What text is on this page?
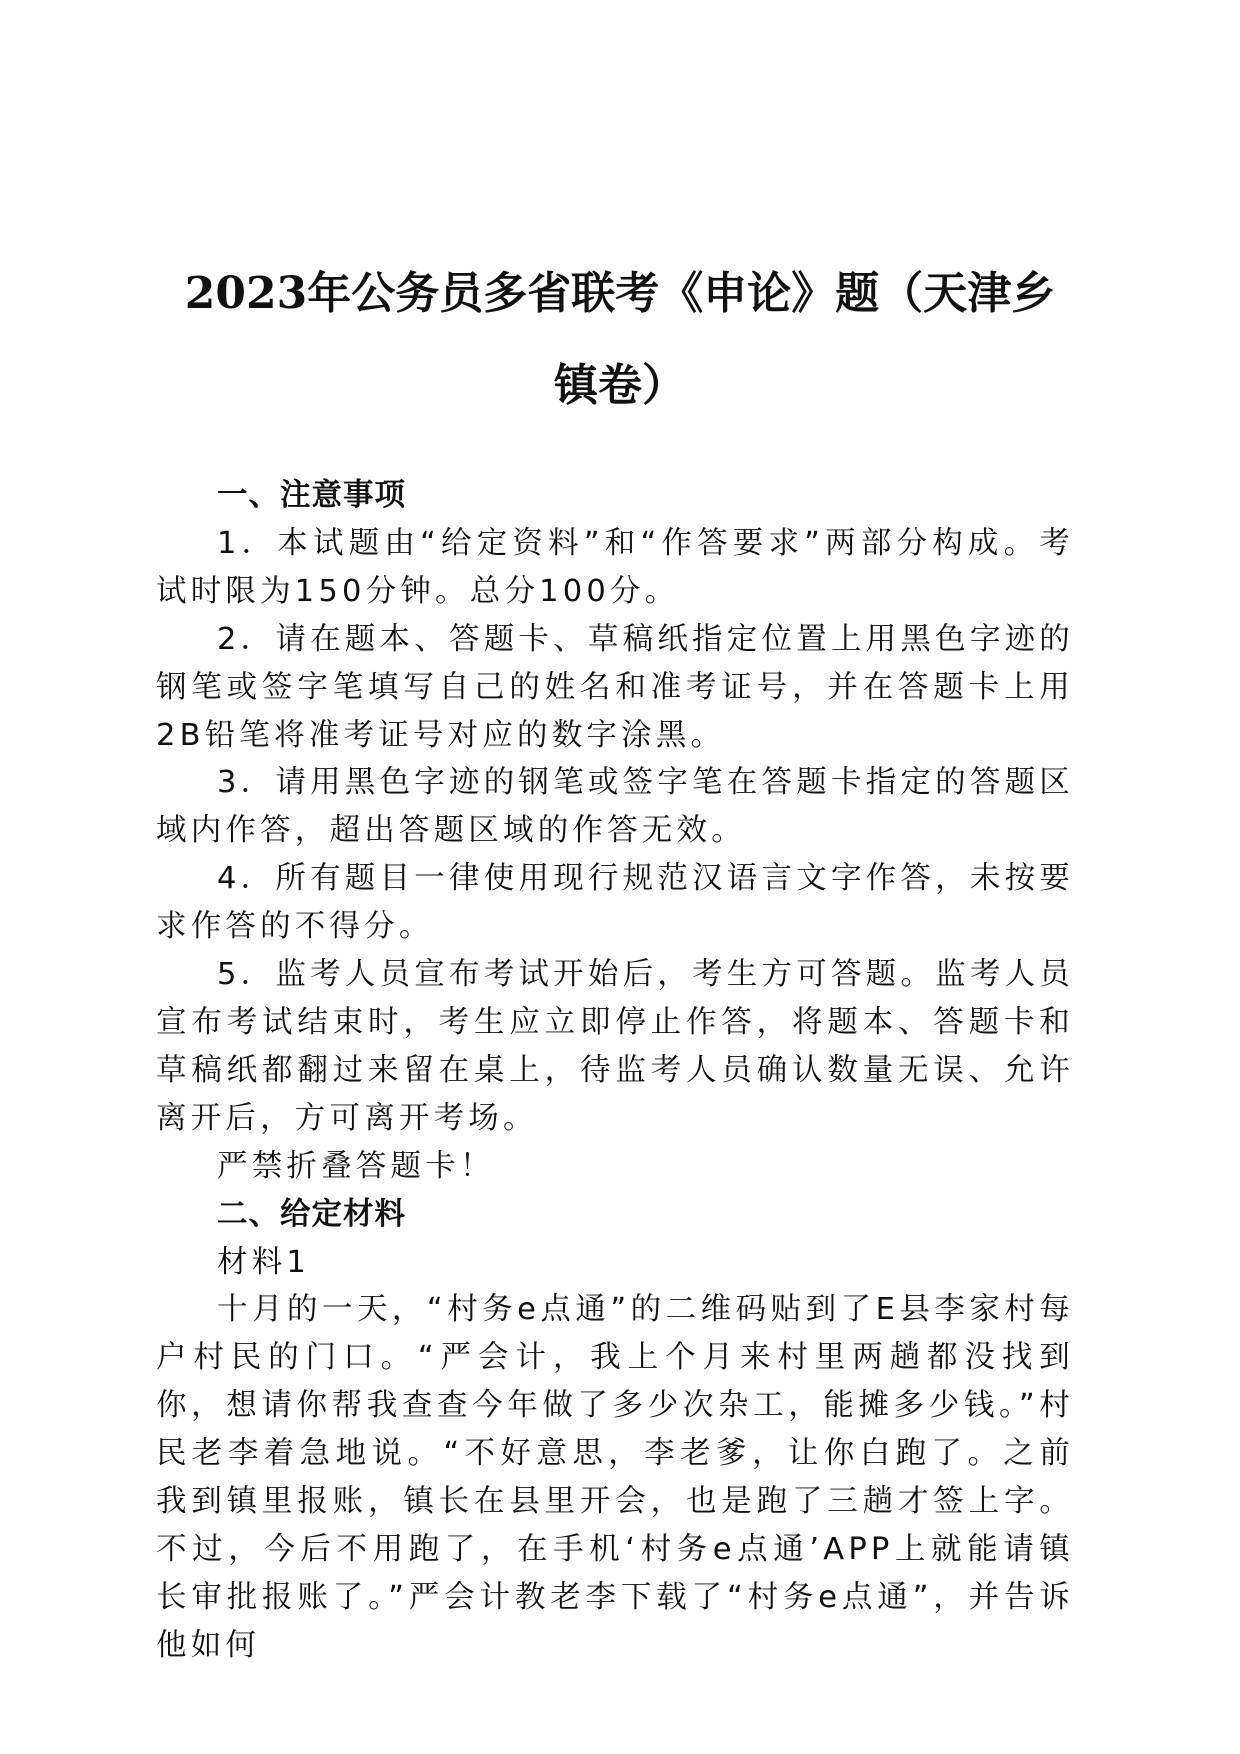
2023年公务员多省联考《申论》题（天津乡
镇卷）

一、注意事项

1．本试题由“给定资料”和“作答要求”两部分构成。考试时限为150分钟。总分100分。

2．请在题本、答题卡、草稿纸指定位置上用黑色字迹的钢笔或签字笔填写自己的姓名和准考证号，并在答题卡上用2B铅笔将准考证号对应的数字涂黑。

3．请用黑色字迹的钢笔或签字笔在答题卡指定的答题区域内作答，超出答题区域的作答无效。

4．所有题目一律使用现行规范汉语言文字作答，未按要求作答的不得分。

5．监考人员宣布考试开始后，考生方可答题。监考人员宣布考试结束时，考生应立即停止作答，将题本、答题卡和草稿纸都翻过来留在桌上，待监考人员确认数量无误、允许离开后，方可离开考场。

严禁折叠答题卡！

二、给定材料

材料1

十月的一天，“村务e点通”的二维码贴到了E县李家村每户村民的门口。“严会计，我上个月来村里两趟都没找到你，想请你帮我查查今年做了多少次杂工，能摊多少钱。”村民老李着急地说。“不好意思，李老爹，让你白跑了。之前我到镇里报账，镇长在县里开会，也是跑了三趟才签上字。不过，今后不用跑了，在手机‘村务e点通’APP上就能请镇长审批报账了。”严会计教老李下载了“村务e点通”，并告诉他如何
